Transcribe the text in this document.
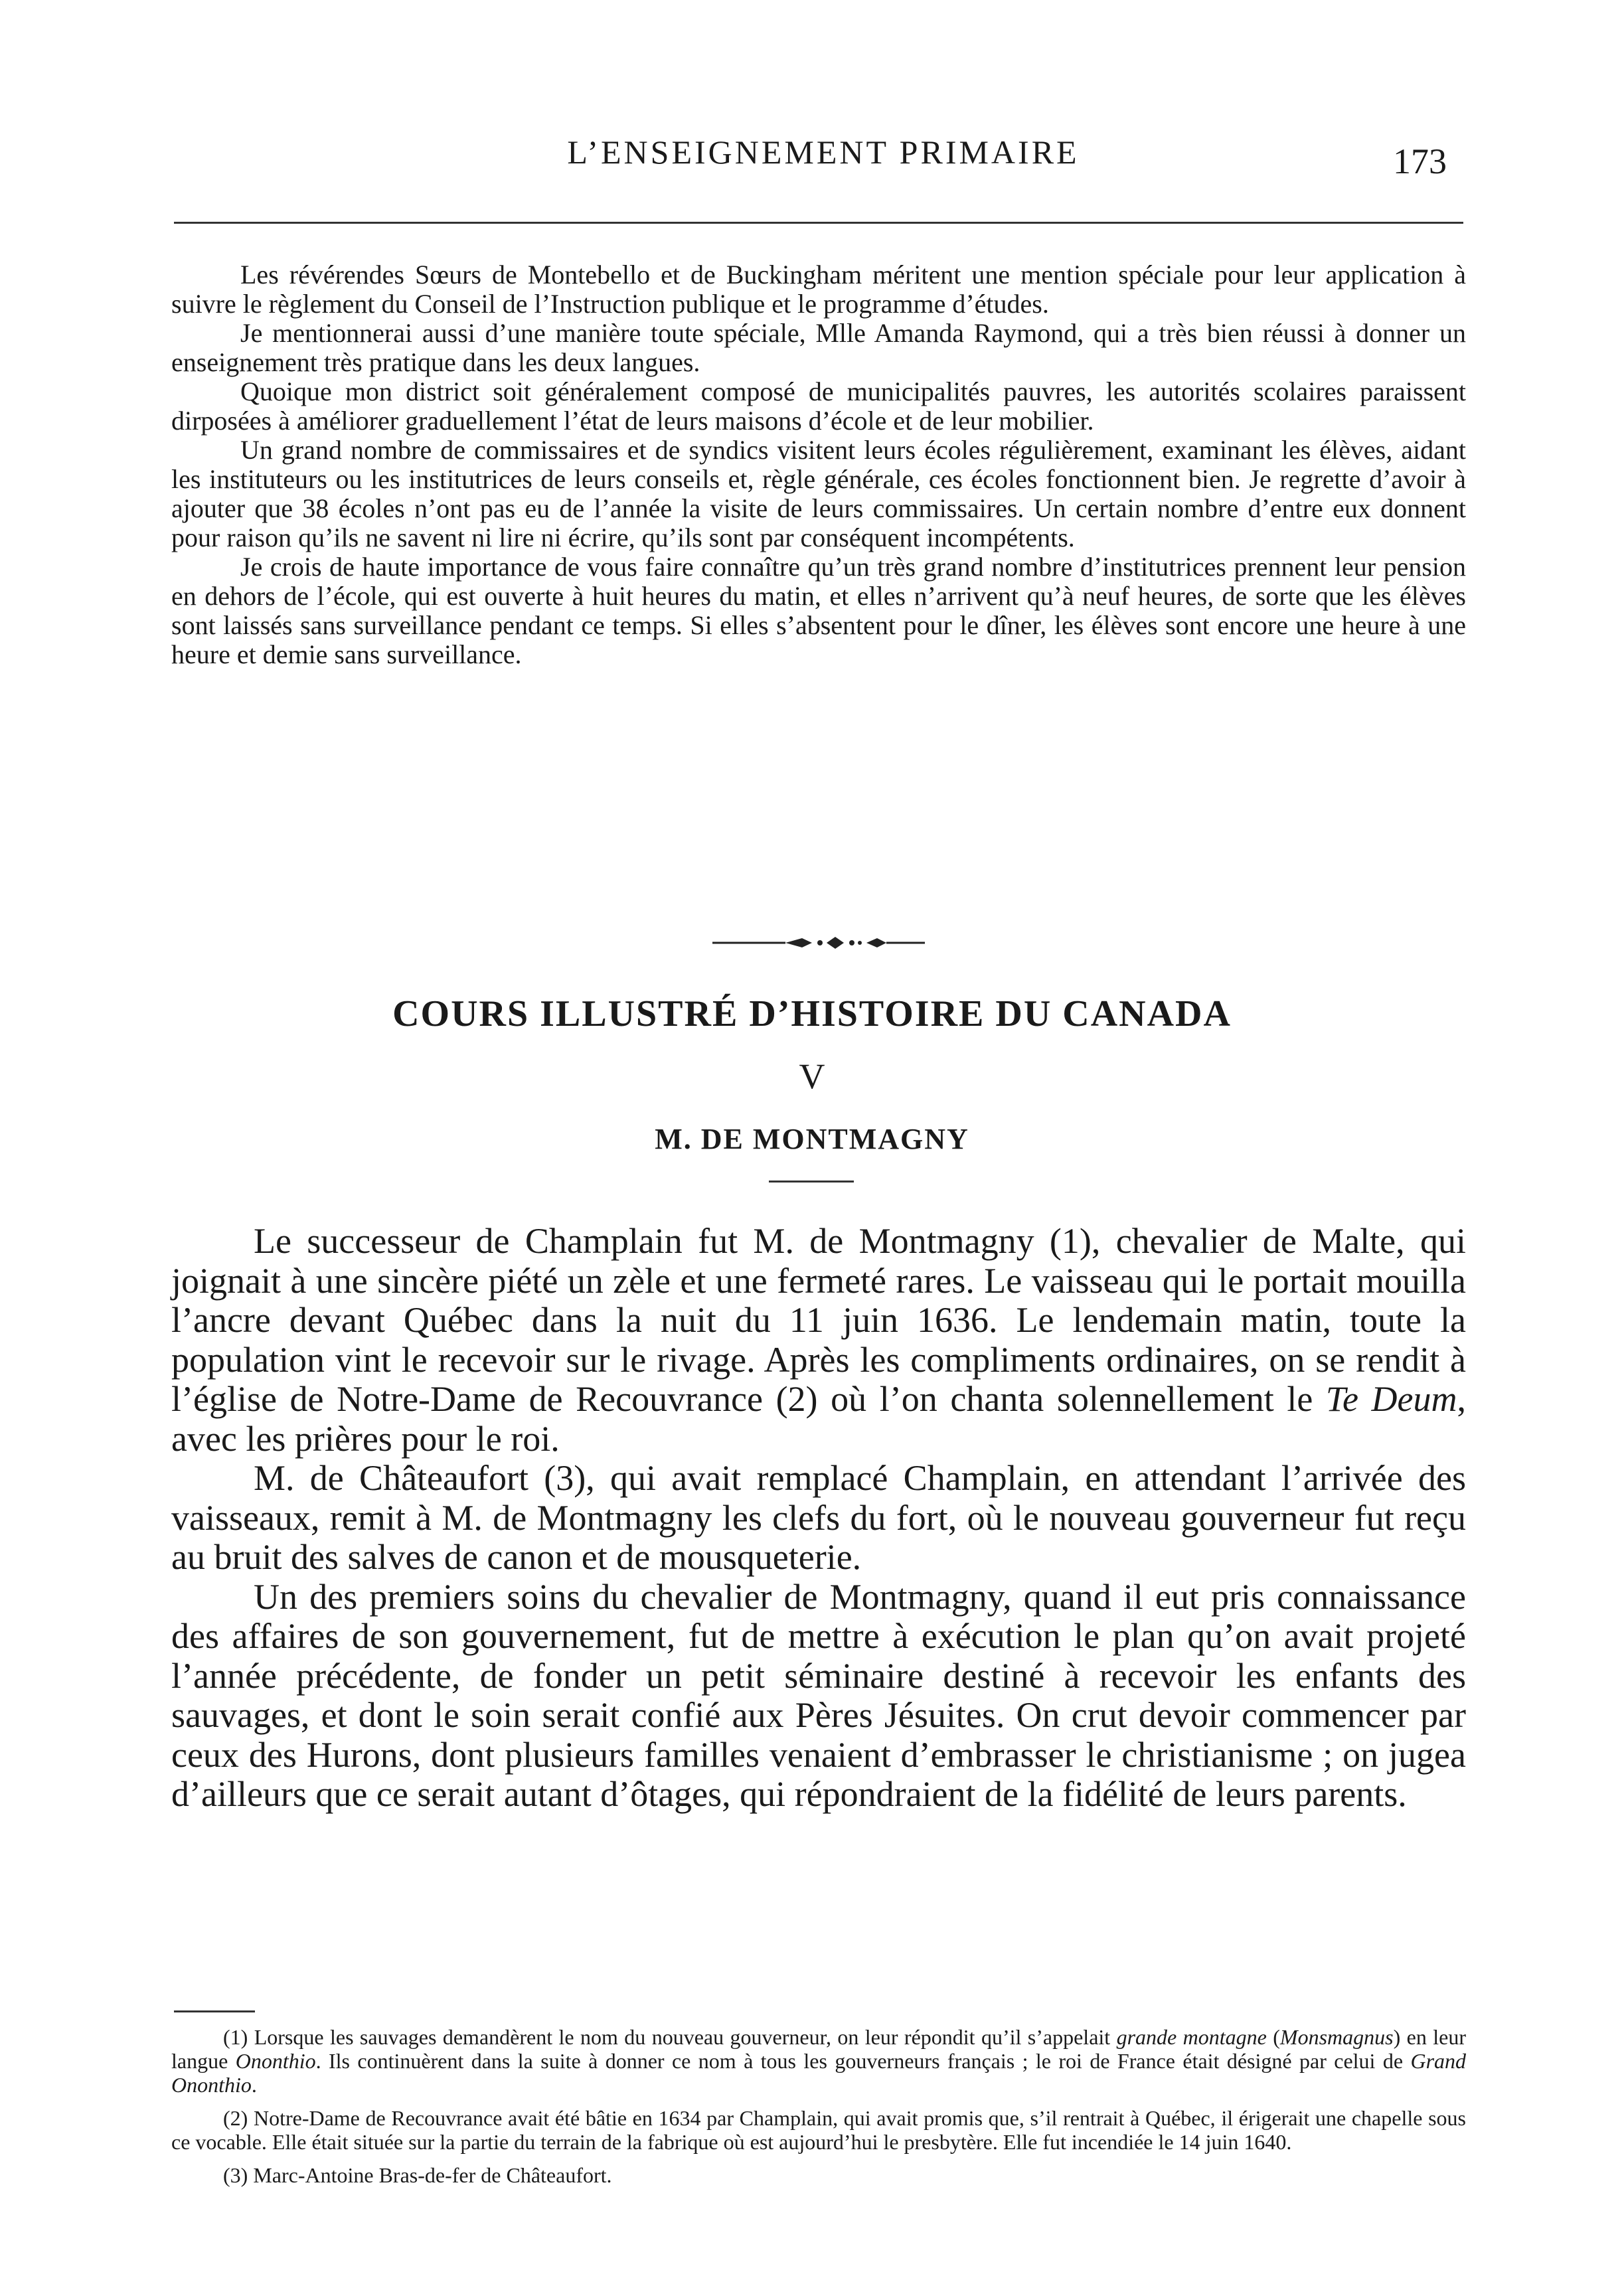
L’ENSEIGNEMENT PRIMAIRE	173

Les révérendes Sœurs de Montebello et de Buckingham méritent une mention spéciale pour leur application à suivre le règlement du Conseil de l’Instruction publique et le programme d’études.

Je mentionnerai aussi d’une manière toute spéciale, Mlle Amanda Raymond, qui a très bien réussi à donner un enseignement très pratique dans les deux langues.

Quoique mon district soit généralement composé de municipalités pauvres, les autorités scolaires paraissent dirposées à améliorer graduellement l’état de leurs maisons d’école et de leur mobilier.

Un grand nombre de commissaires et de syndics visitent leurs écoles régulièrement, examinant les élèves, aidant les instituteurs ou les institutrices de leurs conseils et, règle générale, ces écoles fonctionnent bien. Je regrette d’avoir à ajouter que 38 écoles n’ont pas eu de l’année la visite de leurs commissaires. Un certain nombre d’entre eux donnent pour raison qu’ils ne savent ni lire ni écrire, qu’ils sont par conséquent incompétents.

Je crois de haute importance de vous faire connaître qu’un très grand nombre d’institutrices prennent leur pension en dehors de l’école, qui est ouverte à huit heures du matin, et elles n’arrivent qu’à neuf heures, de sorte que les élèves sont laissés sans surveillance pendant ce temps. Si elles s’absentent pour le dîner, les élèves sont encore une heure à une heure et demie sans surveillance.

COURS ILLUSTRÉ D’HISTOIRE DU CANADA
V
M. DE MONTMAGNY

Le successeur de Champlain fut M. de Montmagny (1), chevalier de Malte, qui joignait à une sincère piété un zèle et une fermeté rares. Le vaisseau qui le portait mouilla l’ancre devant Québec dans la nuit du 11 juin 1636. Le lendemain matin, toute la population vint le recevoir sur le rivage. Après les compliments ordinaires, on se rendit à l’église de Notre-Dame de Recouvrance (2) où l’on chanta solennellement le Te Deum, avec les prières pour le roi.

M. de Châteaufort (3), qui avait remplacé Champlain, en attendant l’arrivée des vaisseaux, remit à M. de Montmagny les clefs du fort, où le nouveau gouverneur fut reçu au bruit des salves de canon et de mousqueterie.

Un des premiers soins du chevalier de Montmagny, quand il eut pris connaissance des affaires de son gouvernement, fut de mettre à exécution le plan qu’on avait projeté l’année précédente, de fonder un petit séminaire destiné à recevoir les enfants des sauvages, et dont le soin serait confié aux Pères Jésuites. On crut devoir commencer par ceux des Hurons, dont plusieurs familles venaient d’embrasser le christianisme ; on jugea d’ailleurs que ce serait autant d’ôtages, qui répondraient de la fidélité de leurs parents.

(1) Lorsque les sauvages demandèrent le nom du nouveau gouverneur, on leur répondit qu’il s’appelait grande montagne (Monsmagnus) en leur langue Ononthio. Ils continuèrent dans la suite à donner ce nom à tous les gouverneurs français ; le roi de France était désigné par celui de Grand Ononthio.

(2) Notre-Dame de Recouvrance avait été bâtie en 1634 par Champlain, qui avait promis que, s’il rentrait à Québec, il érigerait une chapelle sous ce vocable. Elle était située sur la partie du terrain de la fabrique où est aujourd’hui le presbytère. Elle fut incendiée le 14 juin 1640.

(3) Marc-Antoine Bras-de-fer de Châteaufort.
